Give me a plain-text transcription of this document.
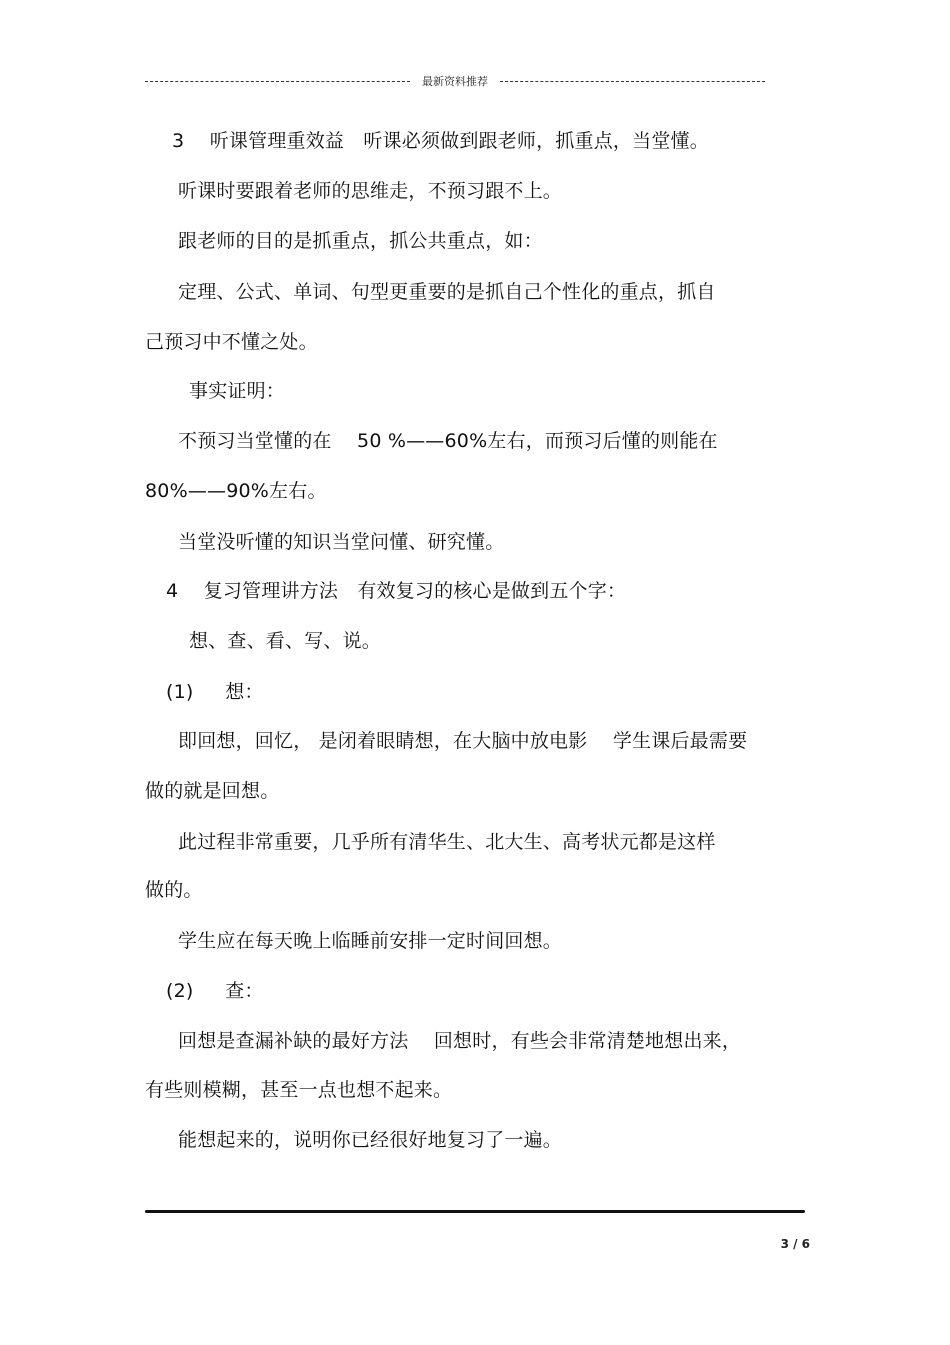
最新资料推荐
3 　听课管理重效益　听课必须做到跟老师，抓重点，当堂懂。
听课时要跟着老师的思维走，不预习跟不上。
跟老师的目的是抓重点，抓公共重点，如：
定理、公式、单词、句型更重要的是抓自己个性化的重点，抓自
己预习中不懂之处。
事实证明：
不预习当堂懂的在　 50 %——60%左右，而预习后懂的则能在
80%——90%左右。
当堂没听懂的知识当堂问懂、研究懂。
4 　复习管理讲方法　有效复习的核心是做到五个字：
想、查、看、写、说。
(1) 　 想：
即回想，回忆， 是闭着眼睛想，在大脑中放电影　 学生课后最需要
做的就是回想。
此过程非常重要，几乎所有清华生、北大生、高考状元都是这样
做的。
学生应在每天晚上临睡前安排一定时间回想。
(2) 　 查：
回想是查漏补缺的最好方法　 回想时，有些会非常清楚地想出来，
有些则模糊，甚至一点也想不起来。
能想起来的，说明你已经很好地复习了一遍。
3 / 6
